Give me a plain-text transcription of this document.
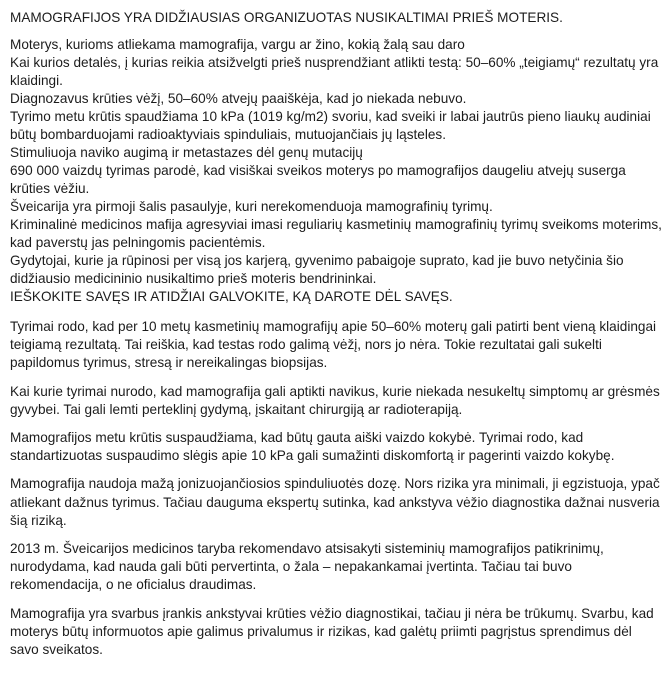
MAMOGRAFIJOS YRA DIDŽIAUSIAS ORGANIZUOTAS NUSIKALTIMAI PRIEŠ MOTERIS.
Moterys, kurioms atliekama mamografija, vargu ar žino, kokią žalą sau daro
Kai kurios detalės, į kurias reikia atsižvelgti prieš nusprendžiant atlikti testą: 50–60% „teigiamų“ rezultatų yra klaidingi.
Diagnozavus krūties vėžį, 50–60% atvejų paaiškėja, kad jo niekada nebuvo.
Tyrimo metu krūtis spaudžiama 10 kPa (1019 kg/m2) svoriu, kad sveiki ir labai jautrūs pieno liaukų audiniai būtų bombarduojami radioaktyviais spinduliais, mutuojančiais jų ląsteles.
Stimuliuoja naviko augimą ir metastazes dėl genų mutacijų
690 000 vaizdų tyrimas parodė, kad visiškai sveikos moterys po mamografijos daugeliu atvejų suserga krūties vėžiu.
Šveicarija yra pirmoji šalis pasaulyje, kuri nerekomenduoja mamografinių tyrimų.
Kriminalinė medicinos mafija agresyviai imasi reguliarių kasmetinių mamografinių tyrimų sveikoms moterims, kad paverstų jas pelningomis pacientėmis.
Gydytojai, kurie ja rūpinosi per visą jos karjerą, gyvenimo pabaigoje suprato, kad jie buvo netyčinia šio didžiausio medicininio nusikaltimo prieš moteris bendrininkai.

IEŠKOKITE SAVĘS IR ATIDŽIAI GALVOKITE, KĄ DAROTE DĖL SAVĘS.

Tyrimai rodo, kad per 10 metų kasmetinių mamografijų apie 50–60% moterų gali patirti bent vieną klaidingai teigiamą rezultatą. Tai reiškia, kad testas rodo galimą vėžį, nors jo nėra. Tokie rezultatai gali sukelti papildomus tyrimus, stresą ir nereikalingas biopsijas.

Kai kurie tyrimai nurodo, kad mamografija gali aptikti navikus, kurie niekada nesukeltų simptomų ar grėsmės gyvybei. Tai gali lemti perteklinį gydymą, įskaitant chirurgiją ar radioterapiją.

Mamografijos metu krūtis suspaudžiama, kad būtų gauta aiški vaizdo kokybė. Tyrimai rodo, kad standartizuotas suspaudimo slėgis apie 10 kPa gali sumažinti diskomfortą ir pagerinti vaizdo kokybę.

Mamografija naudoja mažą jonizuojančiosios spinduliuotės dozę. Nors rizika yra minimali, ji egzistuoja, ypač atliekant dažnus tyrimus. Tačiau dauguma ekspertų sutinka, kad ankstyva vėžio diagnostika dažnai nusveria šią riziką.

2013 m. Šveicarijos medicinos taryba rekomendavo atsisakyti sisteminių mamografijos patikrinimų, nurodydama, kad nauda gali būti pervertinta, o žala – nepakankamai įvertinta. Tačiau tai buvo rekomendacija, o ne oficialus draudimas.

Mamografija yra svarbus įrankis ankstyvai krūties vėžio diagnostikai, tačiau ji nėra be trūkumų. Svarbu, kad moterys būtų informuotos apie galimus privalumus ir rizikas, kad galėtų priimti pagrįstus sprendimus dėl savo sveikatos.
